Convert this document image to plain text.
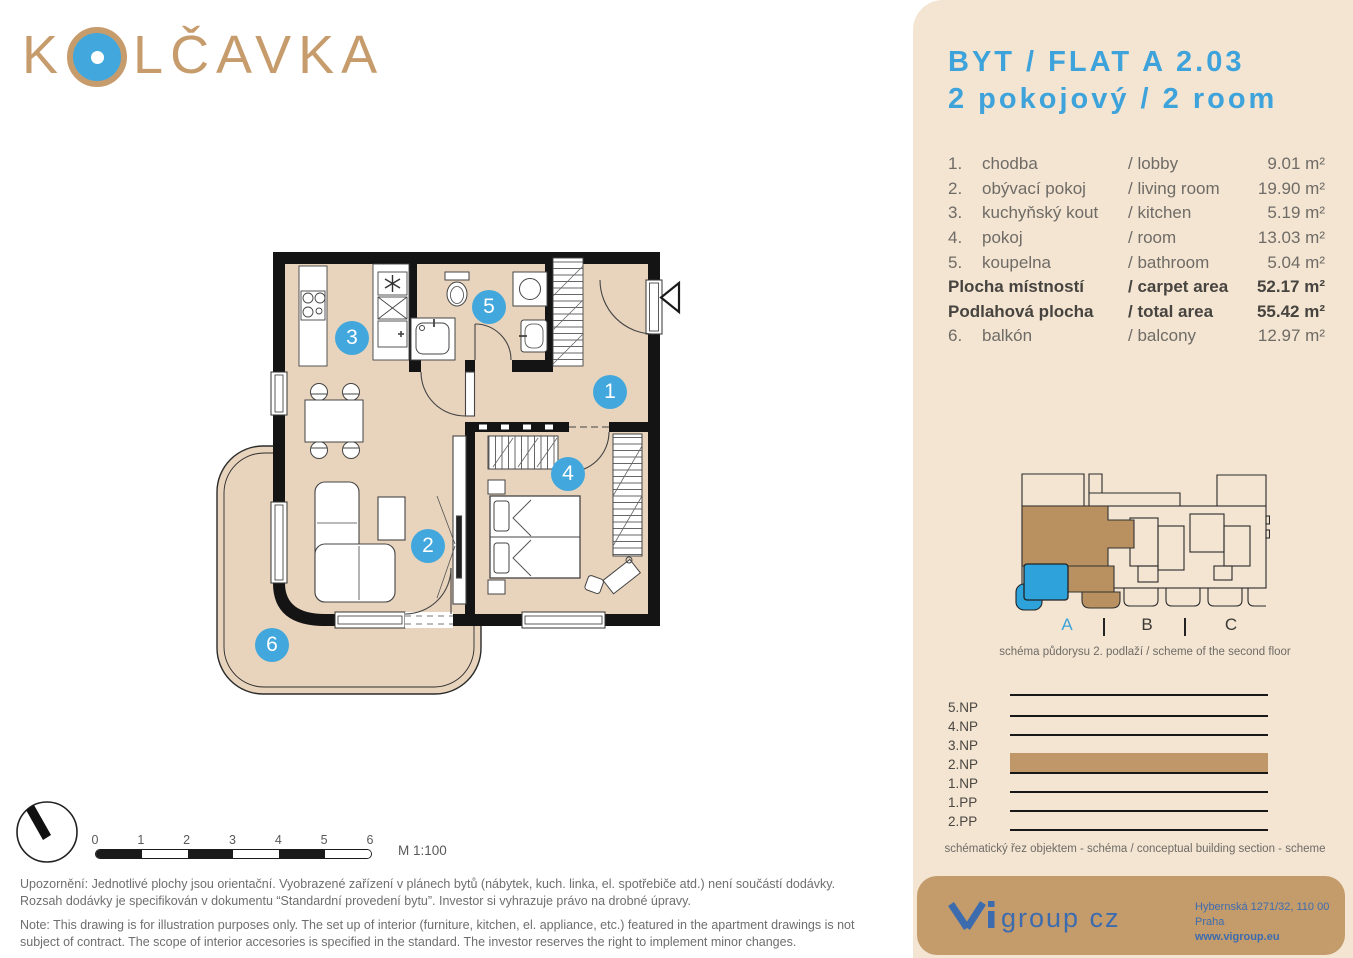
K LČAVKA
1
2
3
4
5
6
0	1	2	3	4	5	6
M 1:100
Upozornění: Jednotlivé plochy jsou orientační. Vyobrazené zařízení v plánech bytů (nábytek, kuch. linka, el. spotřebiče atd.) není součástí dodávky.
Rozsah dodávky je specifikován v dokumentu “Standardní provedení bytu”. Investor si vyhrazuje právo na drobné úpravy.
Note: This drawing is for illustration purposes only. The set up of interior (furniture, kitchen, el. appliance, etc.) featured in the apartment drawings is not
subject of contract. The scope of interior accesories is specified in the standard. The investor reserves the right to implement minor changes.
BYT / FLAT A 2.03
2 pokojový / 2 room
1.	chodba	/ lobby	9.01 m²
2.	obývací pokoj	/ living room	19.90 m²
3.	kuchyňský kout	/ kitchen	5.19 m²
4.	pokoj	/ room	13.03 m²
5.	koupelna	/ bathroom	5.04 m²
Plocha místností	/ carpet area	52.17 m²
Podlahová plocha	/ total area	55.42 m²
6.	balkón	/ balcony	12.97 m²
A	B	C
schéma půdorysu 2. podlaží / scheme of the second floor
5.NP
4.NP
3.NP
2.NP
1.NP
1.PP
2.PP
schématický řez objektem - schéma / conceptual building section - scheme
group cz	Hybernská 1271/32, 110 00 Praha
www.vigroup.eu
